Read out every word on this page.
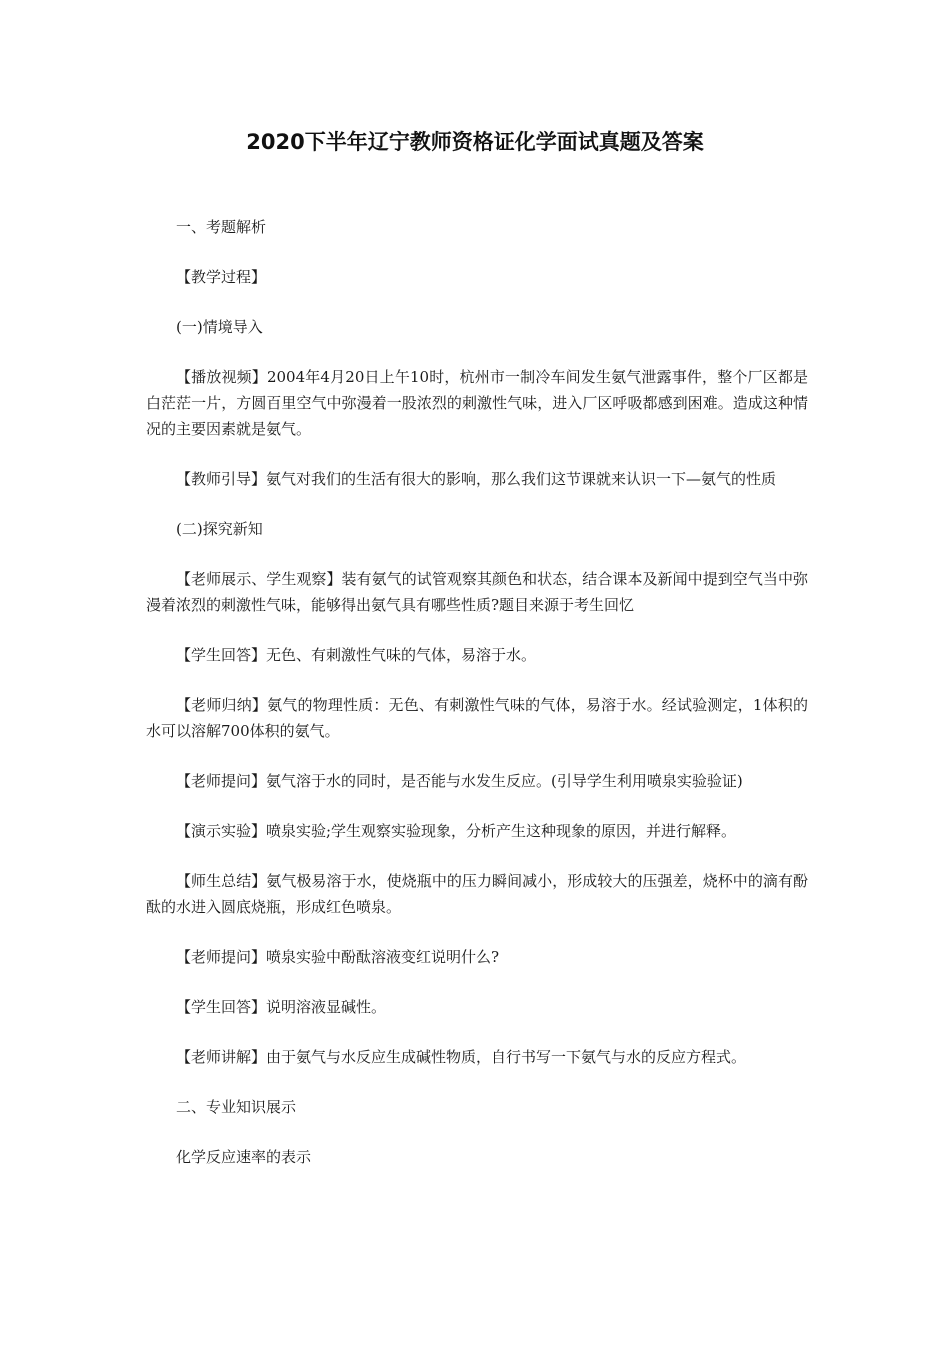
2020下半年辽宁教师资格证化学面试真题及答案

一、考题解析

【教学过程】

(一)情境导入

【播放视频】2004年4月20日上午10时，杭州市一制冷车间发生氨气泄露事件，整个厂区都是白茫茫一片，方圆百里空气中弥漫着一股浓烈的刺激性气味，进入厂区呼吸都感到困难。造成这种情况的主要因素就是氨气。

【教师引导】氨气对我们的生活有很大的影响，那么我们这节课就来认识一下—氨气的性质

(二)探究新知

【老师展示、学生观察】装有氨气的试管观察其颜色和状态，结合课本及新闻中提到空气当中弥漫着浓烈的刺激性气味，能够得出氨气具有哪些性质?题目来源于考生回忆

【学生回答】无色、有刺激性气味的气体，易溶于水。

【老师归纳】氨气的物理性质：无色、有刺激性气味的气体，易溶于水。经试验测定，1体积的水可以溶解700体积的氨气。

【老师提问】氨气溶于水的同时，是否能与水发生反应。(引导学生利用喷泉实验验证)

【演示实验】喷泉实验;学生观察实验现象，分析产生这种现象的原因，并进行解释。

【师生总结】氨气极易溶于水，使烧瓶中的压力瞬间减小，形成较大的压强差，烧杯中的滴有酚酞的水进入圆底烧瓶，形成红色喷泉。

【老师提问】喷泉实验中酚酞溶液变红说明什么?

【学生回答】说明溶液显碱性。

【老师讲解】由于氨气与水反应生成碱性物质，自行书写一下氨气与水的反应方程式。

二、专业知识展示

化学反应速率的表示
